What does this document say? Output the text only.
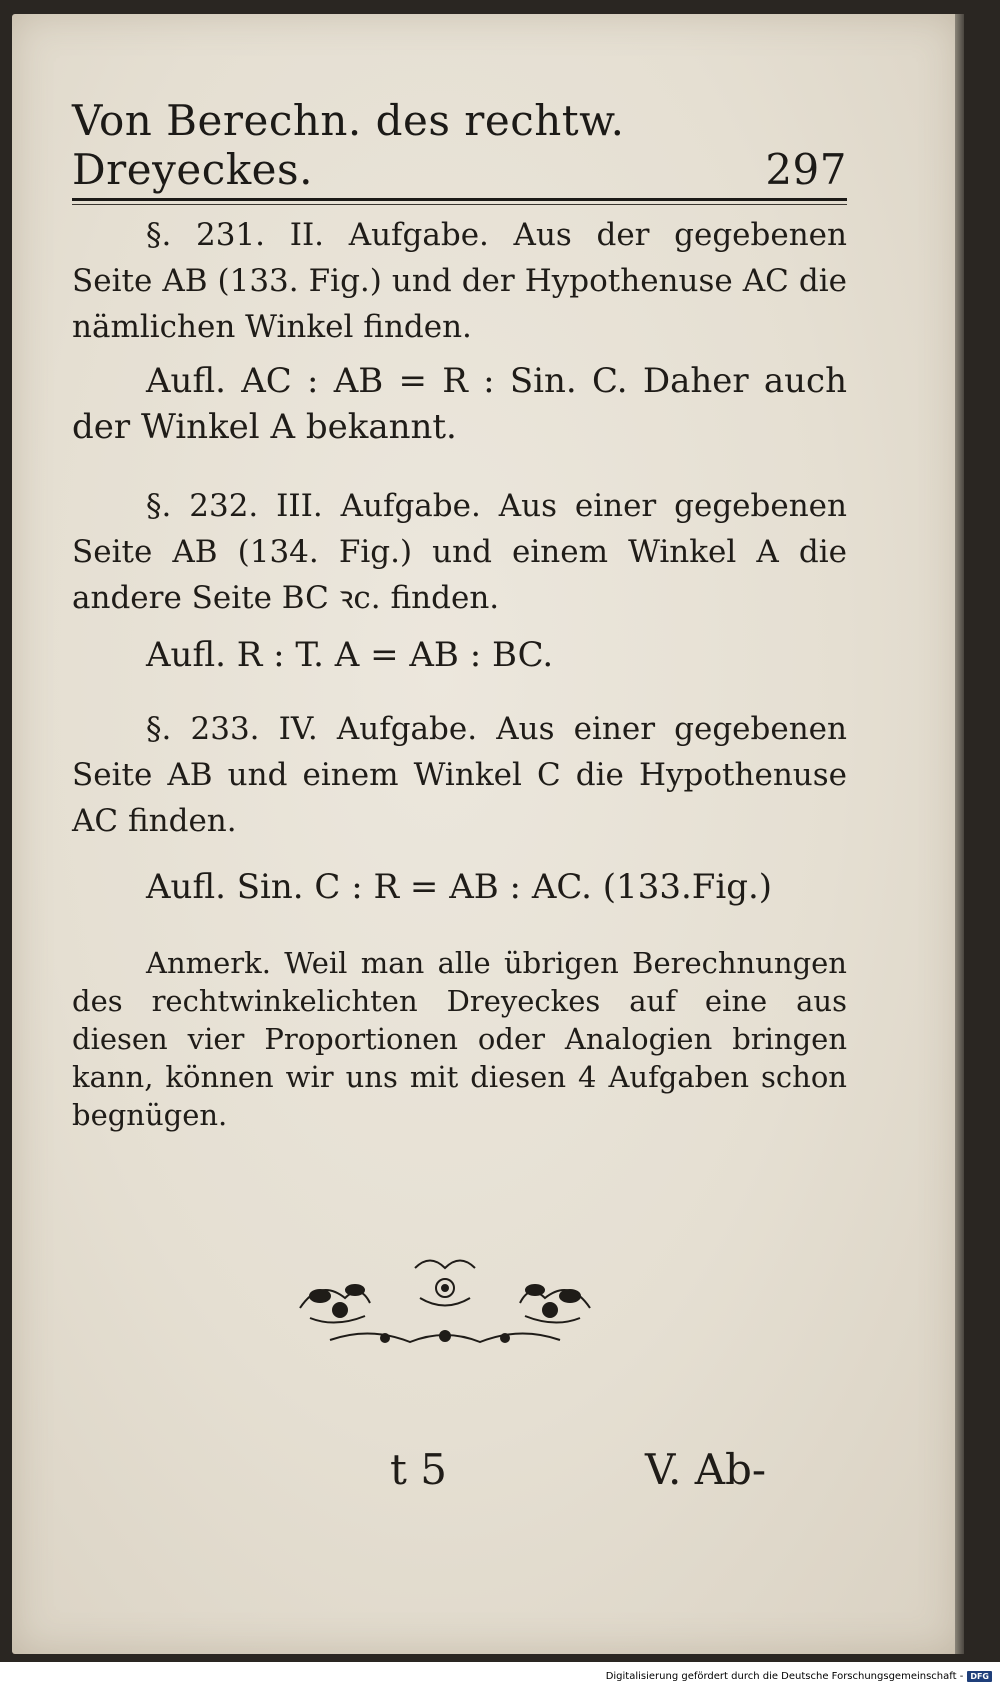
Von Berechn. des rechtw. Dreyeckes.	297
§. 231. II. Aufgabe. Aus der gegebenen Seite AB (133. Fig.) und der Hypothenuse AC die nämlichen Winkel finden.
Aufl. AC : AB = R : Sin. C. Daher auch der Winkel A bekannt.
§. 232. III. Aufgabe. Aus einer gegebenen Seite AB (134. Fig.) und einem Winkel A die andere Seite BC ꝛc. finden.
Aufl. R : T. A = AB : BC.
§. 233. IV. Aufgabe. Aus einer gegebenen Seite AB und einem Winkel C die Hypothenuse AC finden.
Aufl. Sin. C : R = AB : AC. (133.Fig.)
Anmerk. Weil man alle übrigen Berechnungen des rechtwinkelichten Dreyeckes auf eine aus diesen vier Proportionen oder Analogien bringen kann, können wir uns mit diesen 4 Aufgaben schon begnügen.
t 5	V. Ab-
Digitalisierung gefördert durch die Deutsche Forschungsgemeinschaft - DFG
